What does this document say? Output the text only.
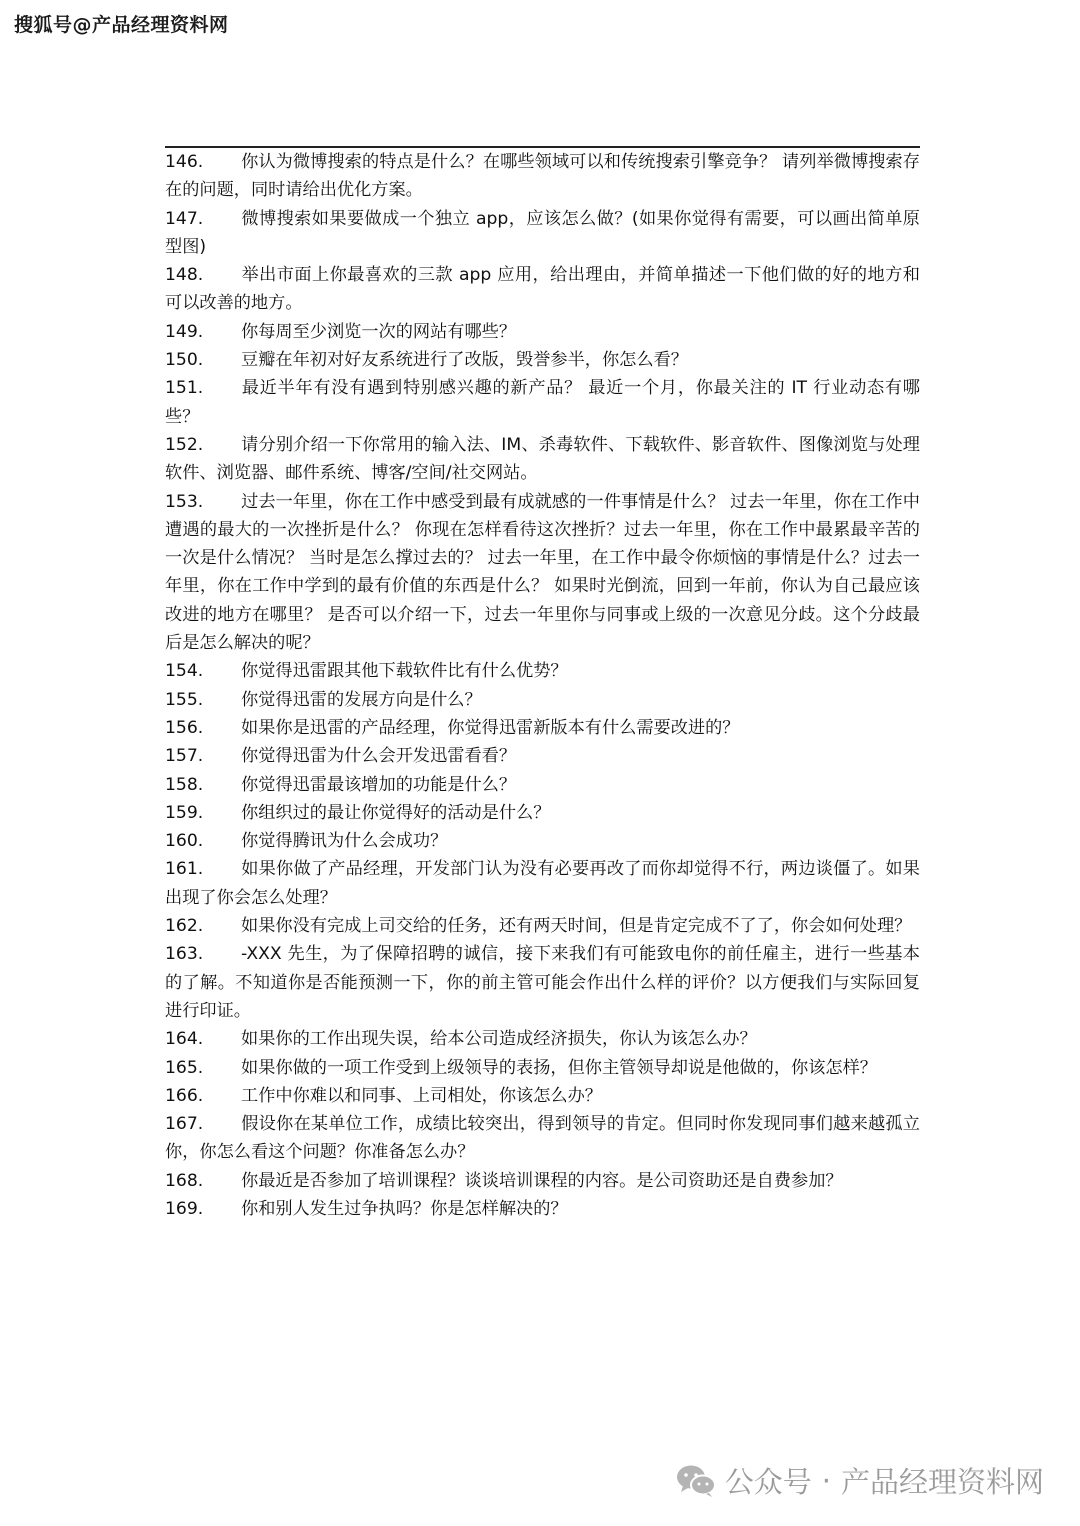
搜狐号@产品经理资料网

146. 你认为微博搜索的特点是什么？在哪些领域可以和传统搜索引擎竞争？ 请列举微博搜索存在的问题，同时请给出优化方案。

147. 微博搜索如果要做成一个独立 app，应该怎么做？(如果你觉得有需要，可以画出简单原型图)

148. 举出市面上你最喜欢的三款 app 应用，给出理由，并简单描述一下他们做的好的地方和可以改善的地方。

149. 你每周至少浏览一次的网站有哪些？

150. 豆瓣在年初对好友系统进行了改版，毁誉参半，你怎么看？

151. 最近半年有没有遇到特别感兴趣的新产品？ 最近一个月，你最关注的 IT 行业动态有哪些？

152. 请分别介绍一下你常用的输入法、IM、杀毒软件、下载软件、影音软件、图像浏览与处理软件、浏览器、邮件系统、博客/空间/社交网站。

153. 过去一年里，你在工作中感受到最有成就感的一件事情是什么？ 过去一年里，你在工作中遭遇的最大的一次挫折是什么？ 你现在怎样看待这次挫折？过去一年里，你在工作中最累最辛苦的一次是什么情况？ 当时是怎么撑过去的？ 过去一年里，在工作中最令你烦恼的事情是什么？过去一年里，你在工作中学到的最有价值的东西是什么？ 如果时光倒流，回到一年前，你认为自己最应该改进的地方在哪里？ 是否可以介绍一下，过去一年里你与同事或上级的一次意见分歧。这个分歧最后是怎么解决的呢？

154. 你觉得迅雷跟其他下载软件比有什么优势？

155. 你觉得迅雷的发展方向是什么？

156. 如果你是迅雷的产品经理，你觉得迅雷新版本有什么需要改进的？

157. 你觉得迅雷为什么会开发迅雷看看？

158. 你觉得迅雷最该增加的功能是什么？

159. 你组织过的最让你觉得好的活动是什么？

160. 你觉得腾讯为什么会成功？

161. 如果你做了产品经理，开发部门认为没有必要再改了而你却觉得不行，两边谈僵了。如果出现了你会怎么处理？

162. 如果你没有完成上司交给的任务，还有两天时间，但是肯定完成不了了，你会如何处理？

163. -XXX 先生，为了保障招聘的诚信，接下来我们有可能致电你的前任雇主，进行一些基本的了解。不知道你是否能预测一下，你的前主管可能会作出什么样的评价？以方便我们与实际回复进行印证。

164. 如果你的工作出现失误，给本公司造成经济损失，你认为该怎么办？

165. 如果你做的一项工作受到上级领导的表扬，但你主管领导却说是他做的，你该怎样？

166. 工作中你难以和同事、上司相处，你该怎么办？

167. 假设你在某单位工作，成绩比较突出，得到领导的肯定。但同时你发现同事们越来越孤立你，你怎么看这个问题？你准备怎么办？

168. 你最近是否参加了培训课程？谈谈培训课程的内容。是公司资助还是自费参加？

169. 你和别人发生过争执吗？你是怎样解决的？

公众号 · 产品经理资料网
